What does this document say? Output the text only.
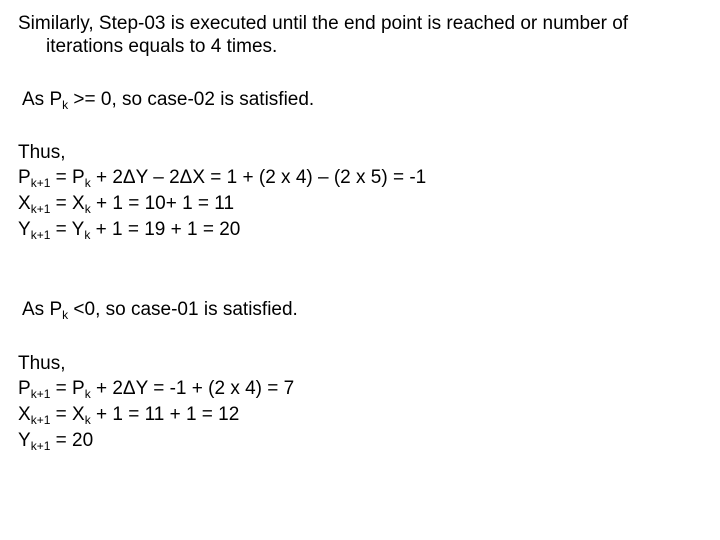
Similarly, Step-03 is executed until the end point is reached or number of
iterations equals to 4 times.
As $P_k >= 0$, so case-02 is satisfied.
Thus,
$P_{k+1} = P_k + 2\Delta Y - 2\Delta X = 1 + (2$ x 4) – (2 x 5) = -1
$X_{k+1} = X_k + 1 = 10+ 1 = 11$
$Y_{k+1} = Y_k + 1 = 19 + 1 = 20$
As $P_k <0$, so case-01 is satisfied.
Thus,
$P_{k+1} = P_k + 2\Delta Y = -1 + (2$ x 4) = 7
$X_{k+1} = X_k + 1 = 11 + 1 = 12$
$Y_{k+1} = 20$
